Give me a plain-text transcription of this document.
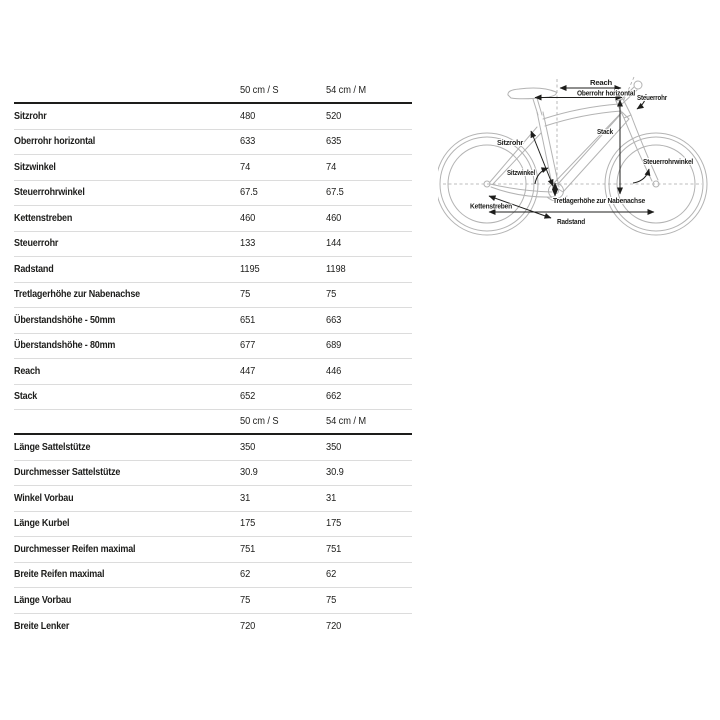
50 cm / S	54 cm / M
Sitzrohr	480	520
Oberrohr horizontal	633	635
Sitzwinkel	74	74
Steuerrohrwinkel	67.5	67.5
Kettenstreben	460	460
Steuerrohr	133	144
Radstand	1195	1198
Tretlagerhöhe zur Nabenachse	75	75
Überstandshöhe - 50mm	651	663
Überstandshöhe - 80mm	677	689
Reach	447	446
Stack	652	662
50 cm / S	54 cm / M
Länge Sattelstütze	350	350
Durchmesser Sattelstütze	30.9	30.9
Winkel Vorbau	31	31
Länge Kurbel	175	175
Durchmesser Reifen maximal	751	751
Breite Reifen maximal	62	62
Länge Vorbau	75	75
Breite Lenker	720	720
Reach
Oberrohr horizontal
Steuerrohr
Stack
Sitzrohr
Sitzwinkel
Steuerrohrwinkel
Tretlagerhöhe zur Nabenachse
Kettenstreben
Radstand
